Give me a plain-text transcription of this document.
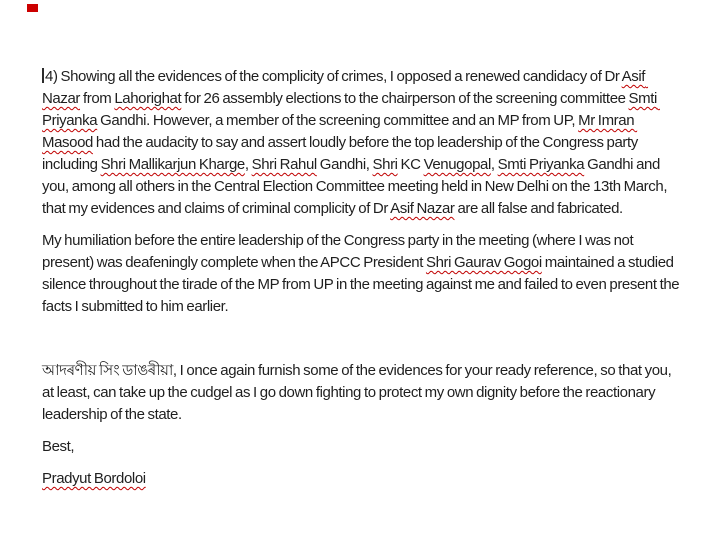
4) Showing all the evidences of the complicity of crimes, I opposed a renewed candidacy of Dr Asif Nazar from Lahorighat for 26 assembly elections to the chairperson of the screening committee Smti Priyanka Gandhi. However, a member of the screening committee and an MP from UP, Mr Imran Masood had the audacity to say and assert loudly before the top leadership of the Congress party including Shri Mallikarjun Kharge, Shri Rahul Gandhi, Shri KC Venugopal, Smti Priyanka Gandhi and you, among all others in the Central Election Committee meeting held in New Delhi on the 13th March, that my evidences and claims of criminal complicity of Dr Asif Nazar are all false and fabricated.

My humiliation before the entire leadership of the Congress party in the meeting (where I was not present) was deafeningly complete when the APCC President Shri Gaurav Gogoi maintained a studied silence throughout the tirade of the MP from UP in the meeting against me and failed to even present the facts I submitted to him earlier.

আদৰণীয় সিং ডাঙৰীয়া, I once again furnish some of the evidences for your ready reference, so that you, at least, can take up the cudgel as I go down fighting to protect my own dignity before the reactionary leadership of the state.

Best,

Pradyut Bordoloi
